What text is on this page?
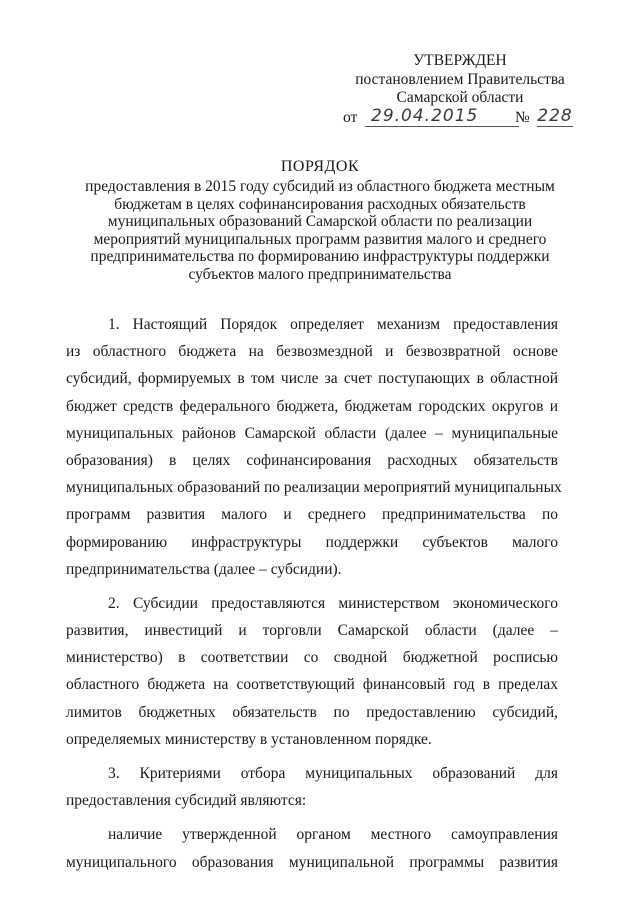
УТВЕРЖДЕН
постановлением Правительства
Самарской области
от 29.04.2015	№ 228
ПОРЯДОК
предоставления в 2015 году субсидий из областного бюджета местным
бюджетам в целях софинансирования расходных обязательств
муниципальных образований Самарской области по реализации
мероприятий муниципальных программ развития малого и среднего
предпринимательства по формированию инфраструктуры поддержки
субъектов малого предпринимательства
1. Настоящий Порядок определяет механизм предоставления
из областного бюджета на безвозмездной и безвозвратной основе
субсидий, формируемых в том числе за счет поступающих в областной
бюджет средств федерального бюджета, бюджетам городских округов и
муниципальных районов Самарской области (далее – муниципальные
образования) в целях софинансирования расходных обязательств
муниципальных образований по реализации мероприятий муниципальных
программ развития малого и среднего предпринимательства по
формированию инфраструктуры поддержки субъектов малого
предпринимательства (далее – субсидии).
2. Субсидии предоставляются министерством экономического
развития, инвестиций и торговли Самарской области (далее –
министерство) в соответствии со сводной бюджетной росписью
областного бюджета на соответствующий финансовый год в пределах
лимитов бюджетных обязательств по предоставлению субсидий,
определяемых министерству в установленном порядке.
3. Критериями отбора муниципальных образований для
предоставления субсидий являются:
наличие утвержденной органом местного самоуправления
муниципального образования муниципальной программы развития
